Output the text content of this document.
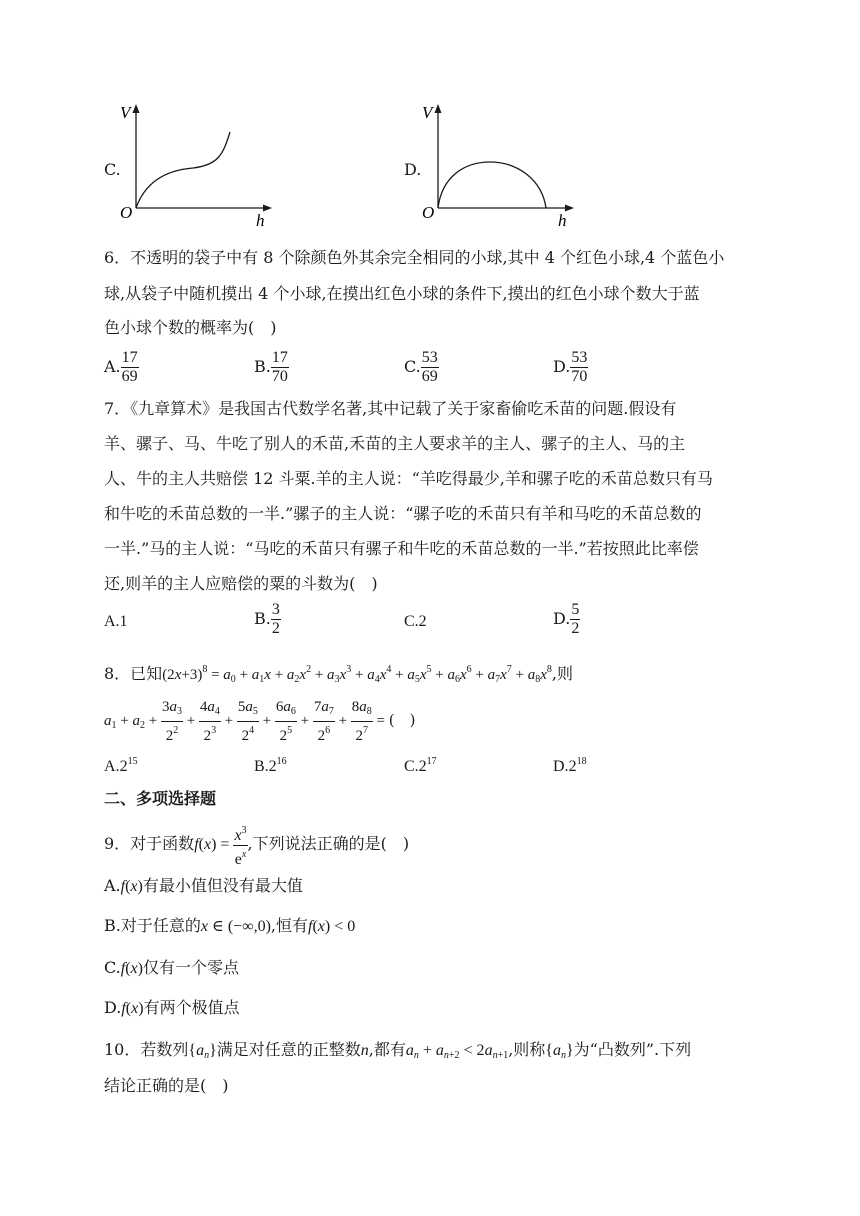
C.
V
O	h
D.
V
O	h
6．不透明的袋子中有 8 个除颜色外其余完全相同的小球,其中 4 个红色小球,4 个蓝色小
球,从袋子中随机摸出 4 个小球,在摸出红色小球的条件下,摸出的红色小球个数大于蓝
色小球个数的概率为(　)
A. $\frac{17}{69}$	B. $\frac{17}{70}$	C. $\frac{53}{69}$	D. $\frac{53}{70}$
7．《九章算术》是我国古代数学名著,其中记载了关于家畜偷吃禾苗的问题.假设有
羊、骡子、马、牛吃了别人的禾苗,禾苗的主人要求羊的主人、骡子的主人、马的主
人、牛的主人共赔偿 12 斗粟.羊的主人说：“羊吃得最少,羊和骡子吃的禾苗总数只有马
和牛吃的禾苗总数的一半.”骡子的主人说：“骡子吃的禾苗只有羊和马吃的禾苗总数的
一半.”马的主人说：“马吃的禾苗只有骡子和牛吃的禾苗总数的一半.”若按照此比率偿
还,则羊的主人应赔偿的粟的斗数为(　)
A.1	B. $\frac{3}{2}$	C.2	D. $\frac{5}{2}$
8．已知$(2x+3)^8 = a_0 + a_1x + a_2x^2 + a_3x^3 + a_4x^4 + a_5x^5 + a_6x^6 + a_7x^7 + a_8x^8$,则
$a_1 + a_2 + \frac{3a_3}{2^2} + \frac{4a_4}{2^3} + \frac{5a_5}{2^4} + \frac{6a_6}{2^5} + \frac{7a_7}{2^6} + \frac{8a_8}{2^7}$ = (　)
$A.2^{15}$	$B.2^{16}$	$C.2^{17}$	$D.2^{18}$
二、多项选择题
9．对于函数$f(x) = \frac{x^3}{e^x}$ ,下列说法正确的是(　)
A.f(x)有最小值但没有最大值
B.对于任意的x ∈ (−∞,0),恒有f(x) < 0
C.f(x)仅有一个零点
D.f(x)有两个极值点
10．若数列$\{a_n\}$满足对任意的正整数n,都有$a_n + a_{n+2} < 2a_{n+1}$,则称$\{a_n\}$为“凸数列”.下列
结论正确的是(　)
